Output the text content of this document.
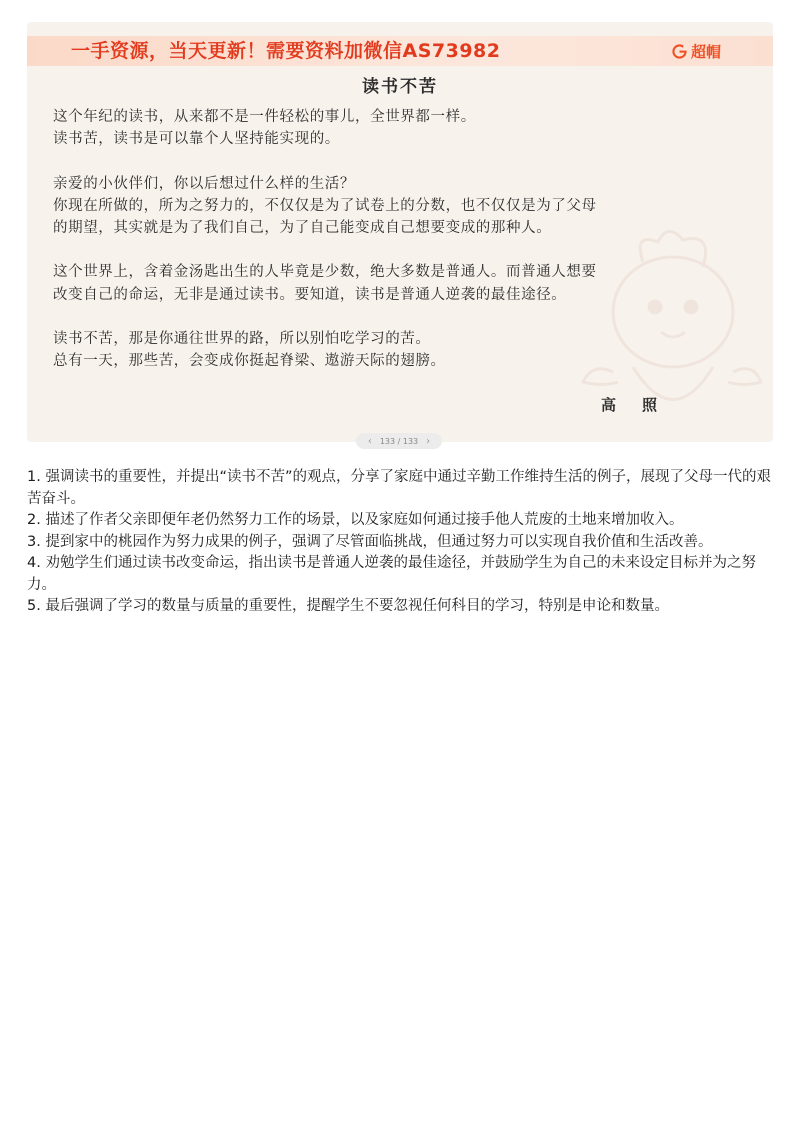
一手资源，当天更新！需要资料加微信AS73982	超帽
读书不苦
这个年纪的读书，从来都不是一件轻松的事儿，全世界都一样。
读书苦，读书是可以靠个人坚持能实现的。
亲爱的小伙伴们，你以后想过什么样的生活？
你现在所做的，所为之努力的，不仅仅是为了试卷上的分数，也不仅仅是为了父母
的期望，其实就是为了我们自己，为了自己能变成自己想要变成的那种人。
这个世界上，含着金汤匙出生的人毕竟是少数，绝大多数是普通人。而普通人想要
改变自己的命运，无非是通过读书。要知道，读书是普通人逆袭的最佳途径。
读书不苦，那是你通往世界的路，所以别怕吃学习的苦。
总有一天，那些苦，会变成你挺起脊梁、遨游天际的翅膀。
高照
‹ 133 / 133 ›
1. 强调读书的重要性，并提出“读书不苦”的观点，分享了家庭中通过辛勤工作维持生活的例子，展现了父母一代的艰苦奋斗。
2. 描述了作者父亲即便年老仍然努力工作的场景，以及家庭如何通过接手他人荒废的土地来增加收入。
3. 提到家中的桃园作为努力成果的例子，强调了尽管面临挑战，但通过努力可以实现自我价值和生活改善。
4. 劝勉学生们通过读书改变命运，指出读书是普通人逆袭的最佳途径，并鼓励学生为自己的未来设定目标并为之努力。
5. 最后强调了学习的数量与质量的重要性，提醒学生不要忽视任何科目的学习，特别是申论和数量。
